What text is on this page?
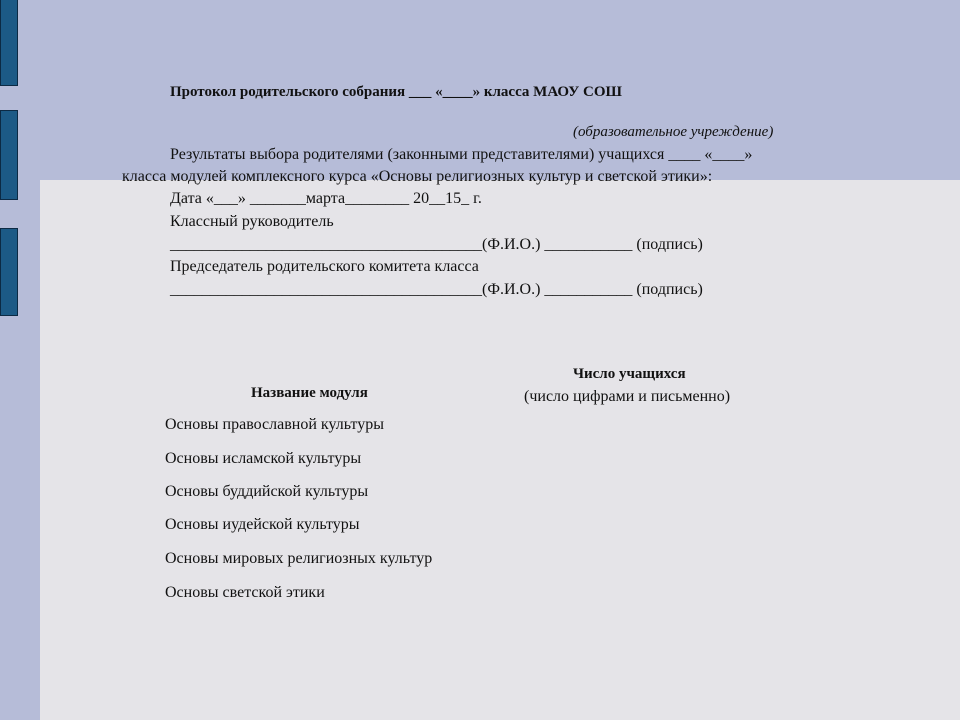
Протокол родительского собрания ___ «____» класса МАОУ СОШ
(образовательное учреждение)
Результаты выбора родителями (законными представителями) учащихся ____ «____»
класса модулей комплексного курса «Основы религиозных культур и светской этики»:
Дата «___» _______марта________ 20__15_ г.
Классный руководитель
_______________________________________(Ф.И.О.) ___________ (подпись)
Председатель родительского комитета класса
_______________________________________(Ф.И.О.) ___________ (подпись)
Название модуля
Число учащихся
(число цифрами и письменно)
Основы православной культуры
Основы исламской культуры
Основы буддийской культуры
Основы иудейской культуры
Основы мировых религиозных культур
Основы светской этики
